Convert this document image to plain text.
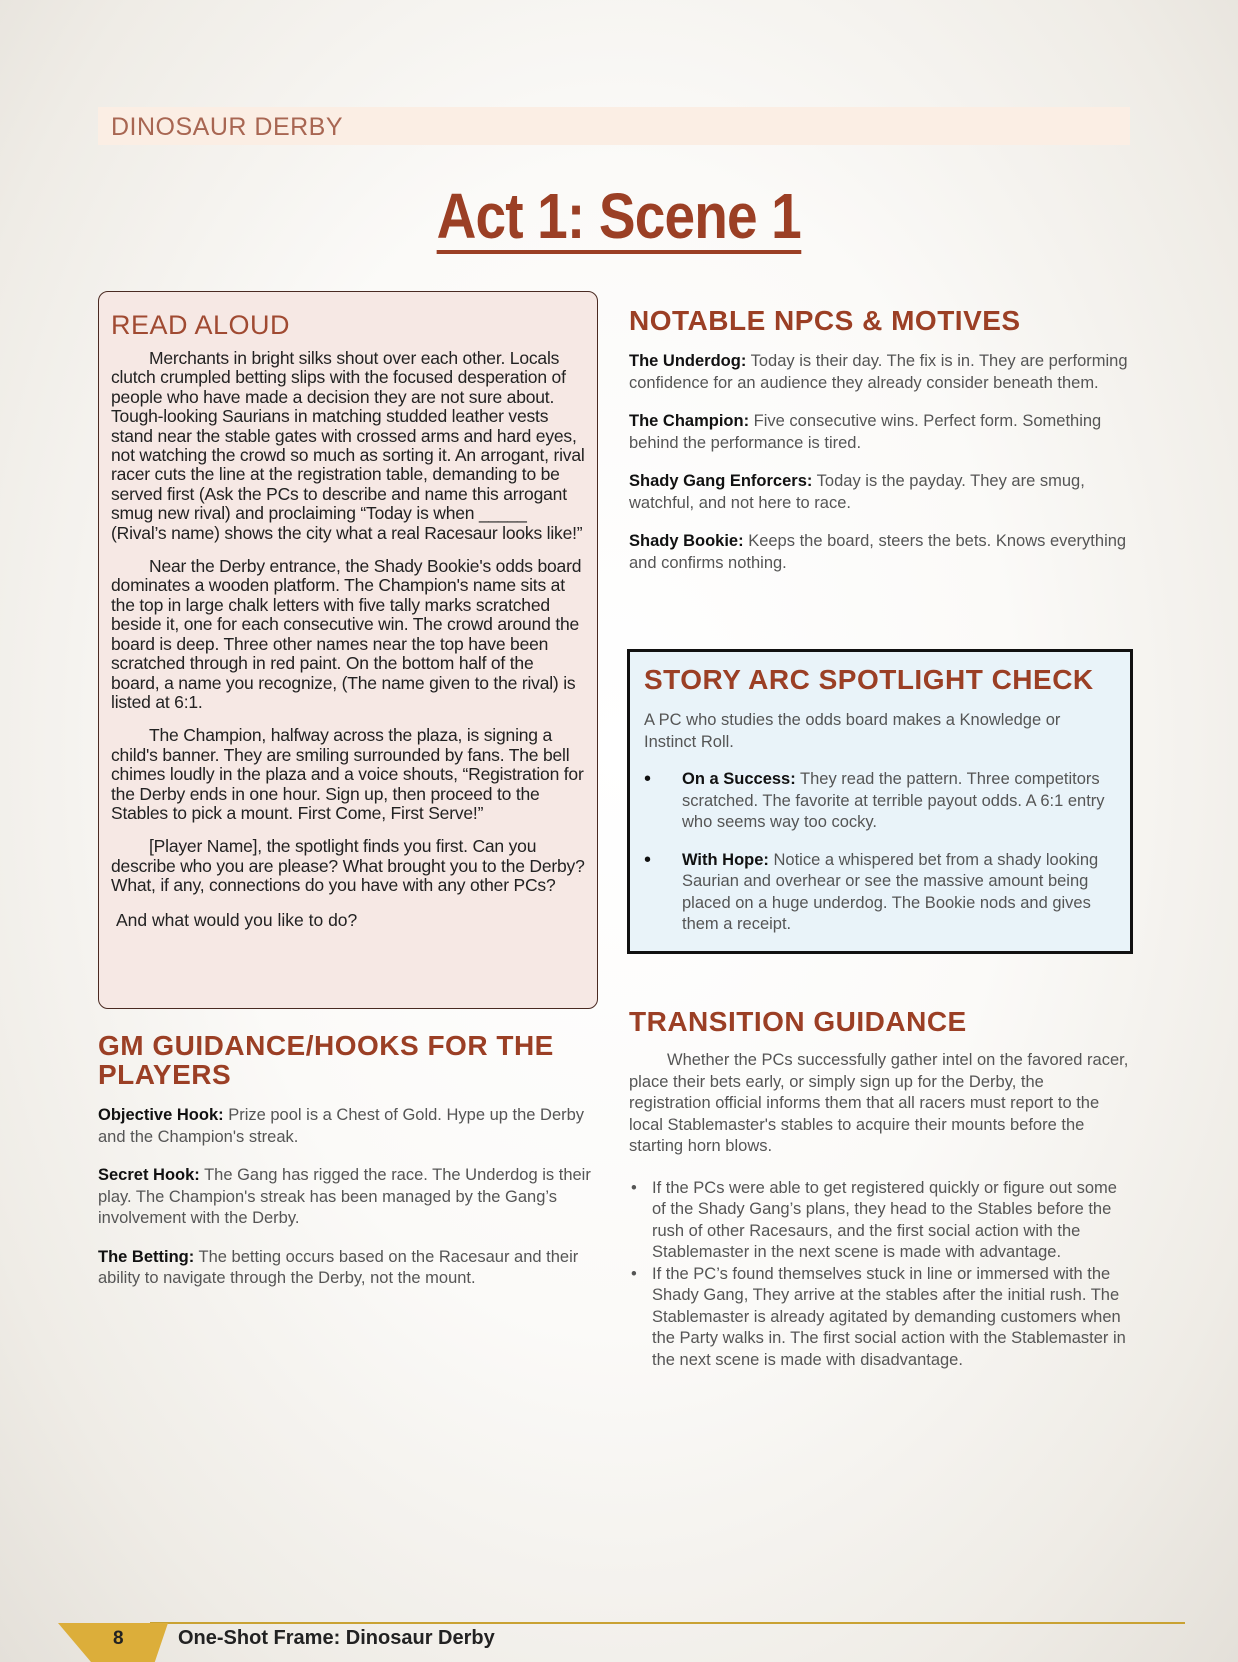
DINOSAUR DERBY
Act 1: Scene 1

READ ALOUD

Merchants in bright silks shout over each other. Locals clutch crumpled betting slips with the focused desperation of people who have made a decision they are not sure about. Tough-looking Saurians in matching studded leather vests stand near the stable gates with crossed arms and hard eyes, not watching the crowd so much as sorting it. An arrogant, rival racer cuts the line at the registration table, demanding to be served first (Ask the PCs to describe and name this arrogant smug new rival) and proclaiming “Today is when _____ (Rival’s name) shows the city what a real Racesaur looks like!”

Near the Derby entrance, the Shady Bookie's odds board dominates a wooden platform. The Champion's name sits at the top in large chalk letters with five tally marks scratched beside it, one for each consecutive win. The crowd around the board is deep. Three other names near the top have been scratched through in red paint. On the bottom half of the board, a name you recognize, (The name given to the rival) is listed at 6:1.

The Champion, halfway across the plaza, is signing a child's banner. They are smiling surrounded by fans. The bell chimes loudly in the plaza and a voice shouts, “Registration for the Derby ends in one hour. Sign up, then proceed to the Stables to pick a mount. First Come, First Serve!”

[Player Name], the spotlight finds you first. Can you describe who you are please? What brought you to the Derby? What, if any, connections do you have with any other PCs?

And what would you like to do?

GM GUIDANCE/HOOKS FOR THE PLAYERS

Objective Hook: Prize pool is a Chest of Gold. Hype up the Derby and the Champion's streak.

Secret Hook: The Gang has rigged the race. The Underdog is their play. The Champion's streak has been managed by the Gang’s involvement with the Derby.

The Betting: The betting occurs based on the Racesaur and their ability to navigate through the Derby, not the mount.

NOTABLE NPCS & MOTIVES

The Underdog: Today is their day. The fix is in. They are performing confidence for an audience they already consider beneath them.

The Champion: Five consecutive wins. Perfect form. Something behind the performance is tired.

Shady Gang Enforcers: Today is the payday. They are smug, watchful, and not here to race.

Shady Bookie: Keeps the board, steers the bets. Knows everything and confirms nothing.

STORY ARC SPOTLIGHT CHECK

A PC who studies the odds board makes a Knowledge or Instinct Roll.

• On a Success: They read the pattern. Three competitors scratched. The favorite at terrible payout odds. A 6:1 entry who seems way too cocky.
• With Hope: Notice a whispered bet from a shady looking Saurian and overhear or see the massive amount being placed on a huge underdog. The Bookie nods and gives them a receipt.
TRANSITION GUIDANCE

Whether the PCs successfully gather intel on the favored racer, place their bets early, or simply sign up for the Derby, the registration official informs them that all racers must report to the local Stablemaster's stables to acquire their mounts before the starting horn blows.

• If the PCs were able to get registered quickly or figure out some of the Shady Gang’s plans, they head to the Stables before the rush of other Racesaurs, and the first social action with the Stablemaster in the next scene is made with advantage.
• If the PC’s found themselves stuck in line or immersed with the Shady Gang, They arrive at the stables after the initial rush. The Stablemaster is already agitated by demanding customers when the Party walks in. The first social action with the Stablemaster in the next scene is made with disadvantage.
8	One-Shot Frame: Dinosaur Derby
